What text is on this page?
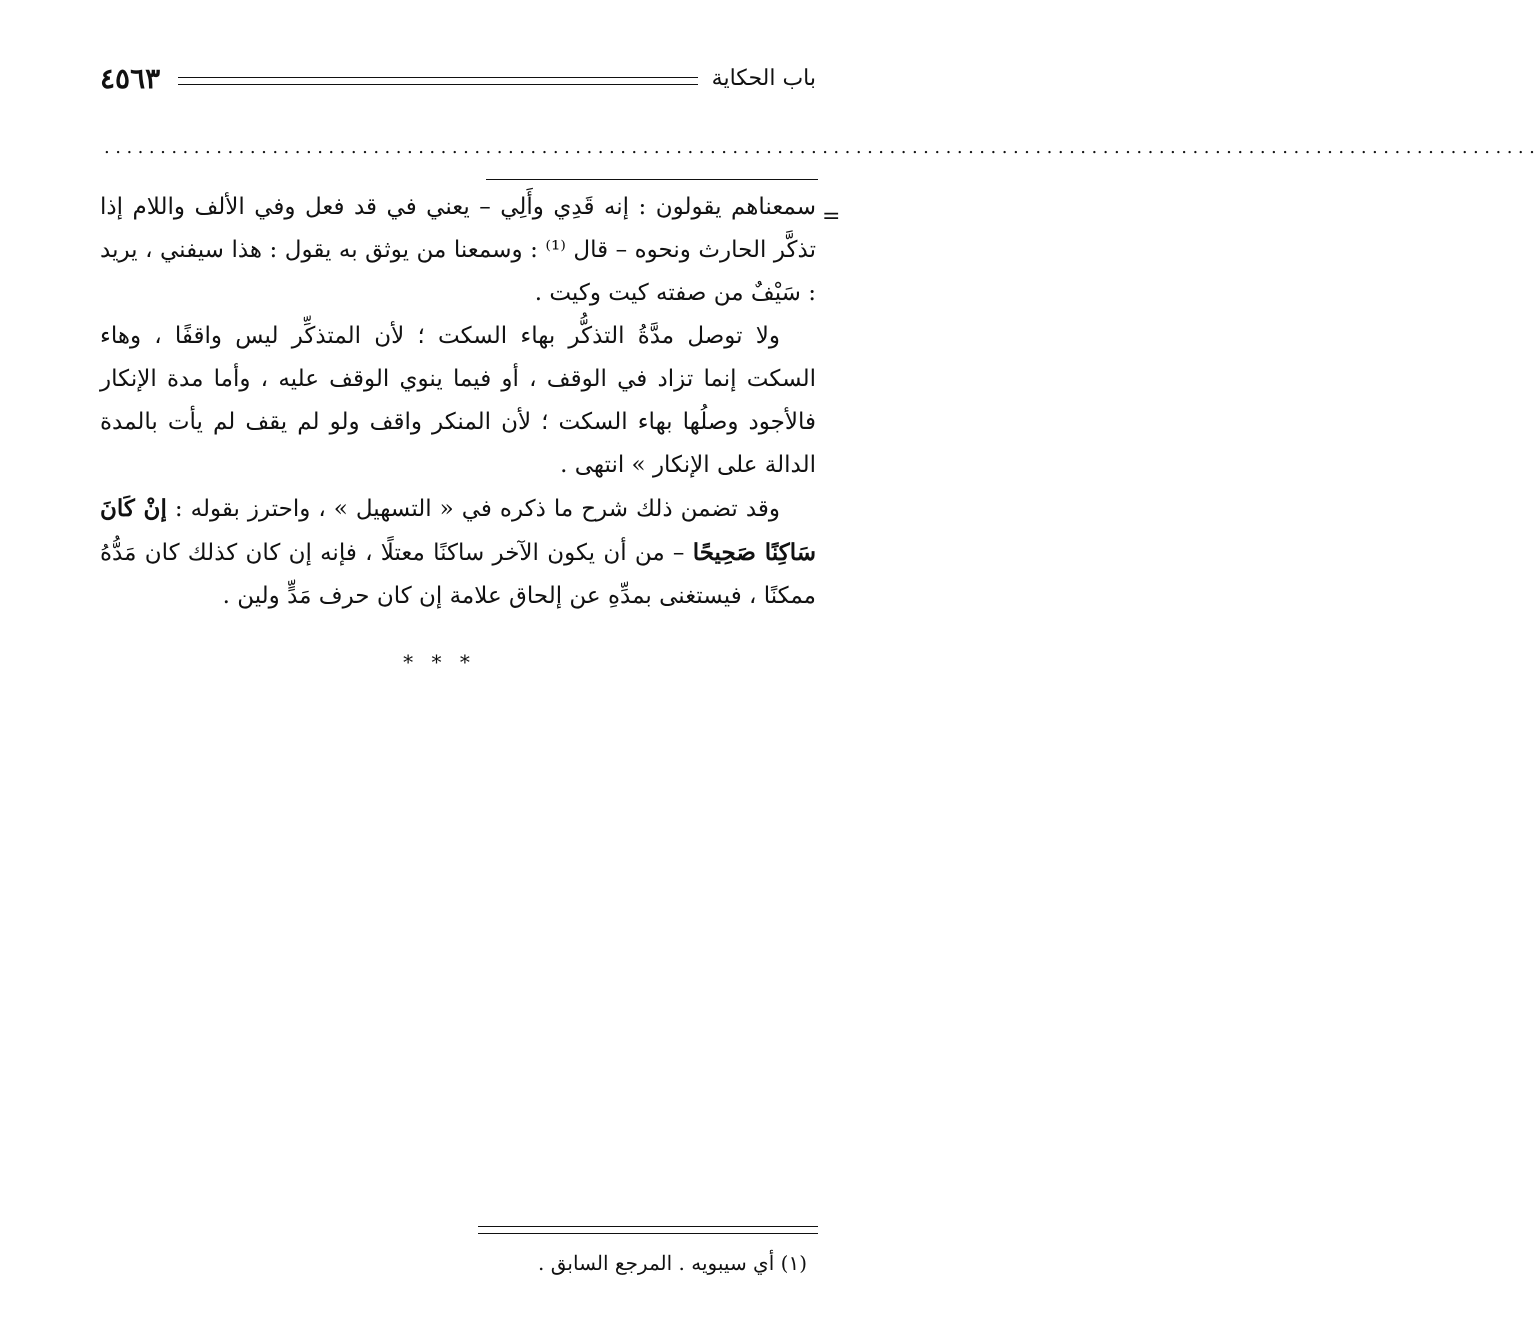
٤٥٦٣	باب الحكاية
................................................................................................................................
=

سمعناهم يقولون : إنه قَدِي وأَلِي – يعني في قد فعل وفي الألف واللام إذا تذكَّر الحارث ونحوه – قال ⁽¹⁾ : وسمعنا من يوثق به يقول : هذا سيفني ، يريد : سَيْفٌ من صفته كيت وكيت .

ولا توصل مدَّةُ التذكُّر بهاء السكت ؛ لأن المتذكِّر ليس واقفًا ، وهاء السكت إنما تزاد في الوقف ، أو فيما ينوي الوقف عليه ، وأما مدة الإنكار فالأجود وصلُها بهاء السكت ؛ لأن المنكر واقف ولو لم يقف لم يأت بالمدة الدالة على الإنكار » انتهى .

وقد تضمن ذلك شرح ما ذكره في « التسهيل » ، واحترز بقوله : إنْ كَانَ سَاكِنًا صَحِيحًا – من أن يكون الآخر ساكنًا معتلًا ، فإنه إن كان كذلك كان مَدُّهُ ممكنًا ، فيستغنى بمدِّهِ عن إلحاق علامة إن كان حرف مَدٍّ ولين .

* * *
(١) أي سيبويه . المرجع السابق .
